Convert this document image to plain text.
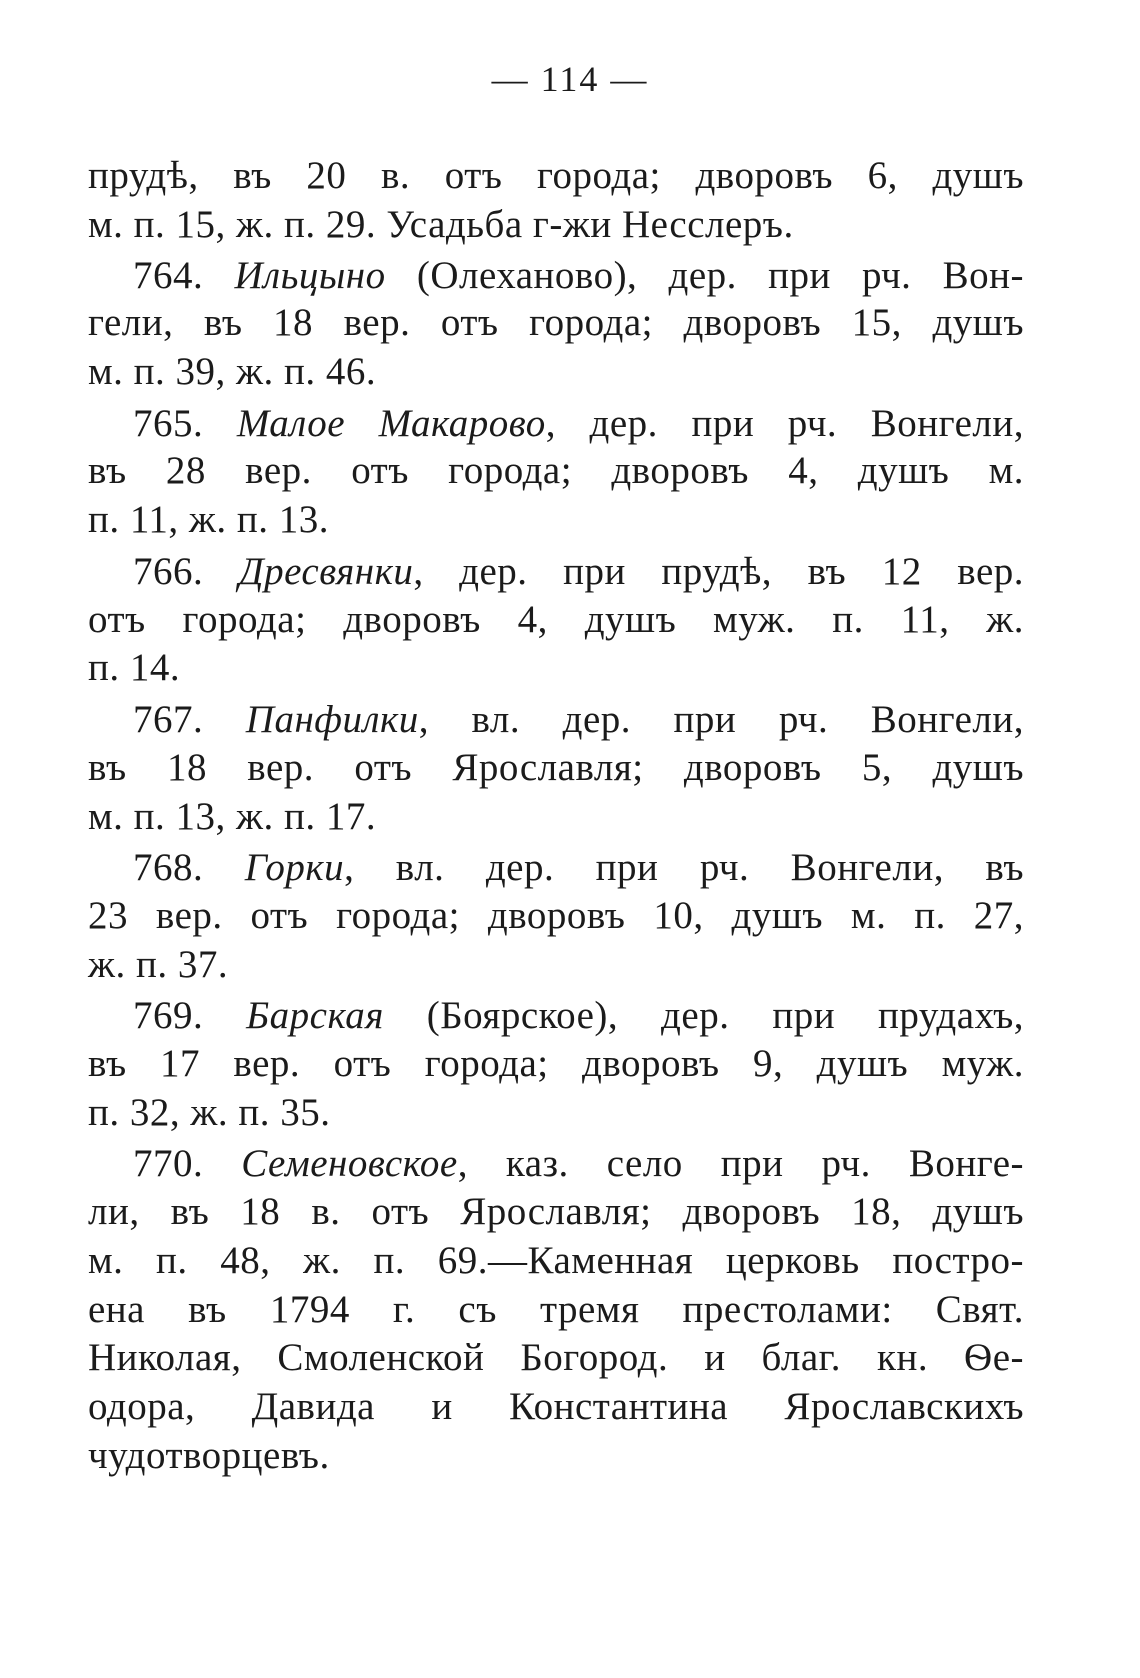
— 114 —
прудѣ, въ 20 в. отъ города; дворовъ 6, душъ
м. п. 15, ж. п. 29. Усадьба г-жи Несслеръ.
764. Ильцыно (Олеханово), дер. при рч. Вон-
гели, въ 18 вер. отъ города; дворовъ 15, душъ
м. п. 39, ж. п. 46.
765. Малое Макарово, дер. при рч. Вонгели,
въ 28 вер. отъ города; дворовъ 4, душъ м.
п. 11, ж. п. 13.
766. Дресвянки, дер. при прудѣ, въ 12 вер.
отъ города; дворовъ 4, душъ муж. п. 11, ж.
п. 14.
767. Панфилки, вл. дер. при рч. Вонгели,
въ 18 вер. отъ Ярославля; дворовъ 5, душъ
м. п. 13, ж. п. 17.
768. Горки, вл. дер. при рч. Вонгели, въ
23 вер. отъ города; дворовъ 10, душъ м. п. 27,
ж. п. 37.
769. Барская (Боярское), дер. при прудахъ,
въ 17 вер. отъ города; дворовъ 9, душъ муж.
п. 32, ж. п. 35.
770. Семеновское, каз. село при рч. Вонге-
ли, въ 18 в. отъ Ярославля; дворовъ 18, душъ
м. п. 48, ж. п. 69.—Каменная церковь постро-
ена въ 1794 г. съ тремя престолами: Свят.
Николая, Смоленской Богород. и благ. кн. Ѳе-
одора, Давида и Константина Ярославскихъ
чудотворцевъ.
